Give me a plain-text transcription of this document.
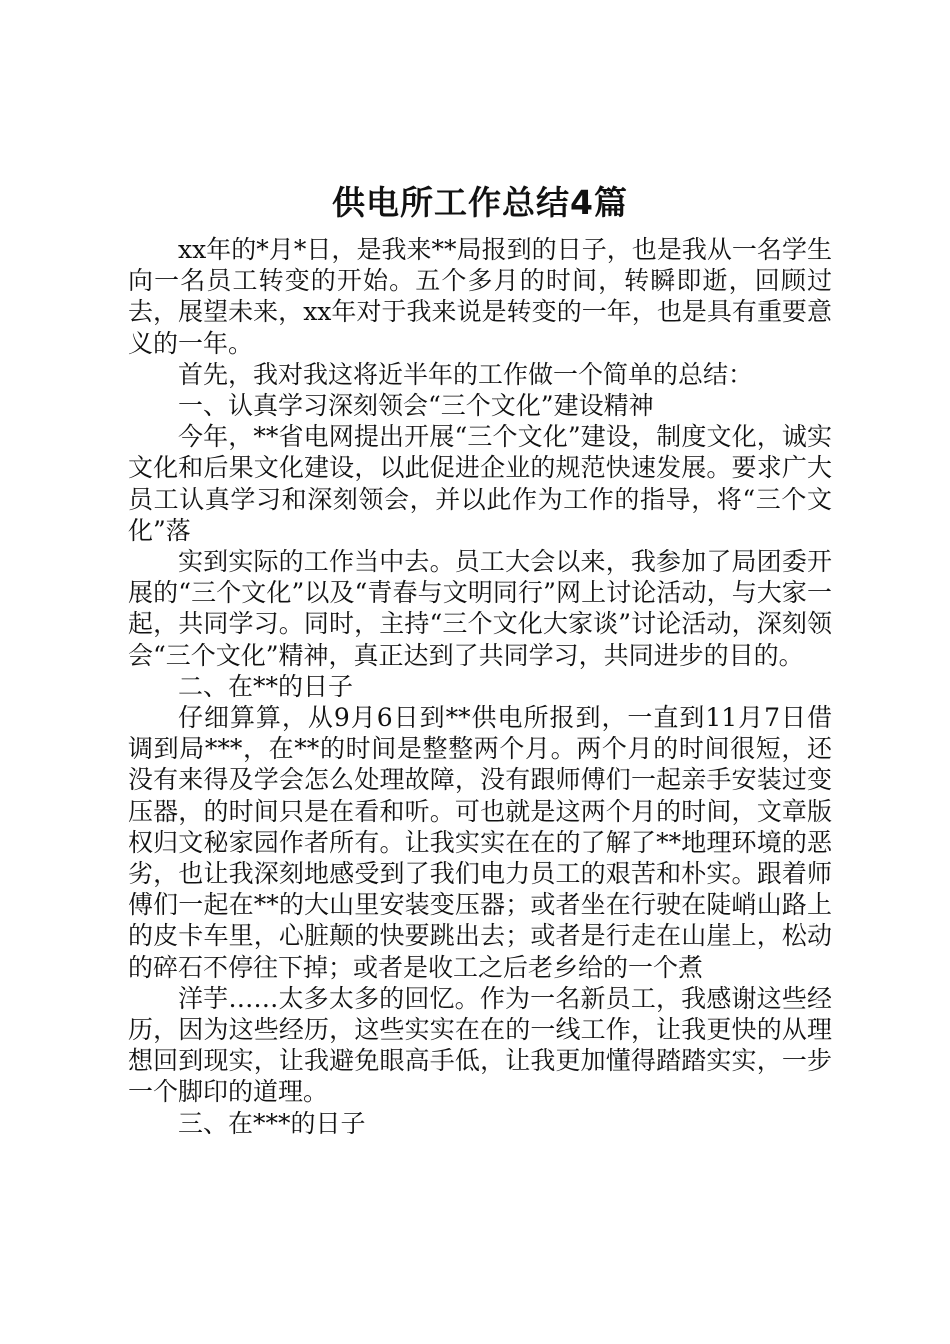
供电所工作总结4篇

xx年的*月*日，是我来**局报到的日子，也是我从一名学生向一名员工转变的开始。五个多月的时间，转瞬即逝，回顾过去，展望未来，xx年对于我来说是转变的一年，也是具有重要意义的一年。

首先，我对我这将近半年的工作做一个简单的总结：

一、认真学习深刻领会“三个文化”建设精神

今年，**省电网提出开展“三个文化”建设，制度文化，诚实文化和后果文化建设，以此促进企业的规范快速发展。要求广大员工认真学习和深刻领会，并以此作为工作的指导，将“三个文化”落

实到实际的工作当中去。员工大会以来，我参加了局团委开展的“三个文化”以及“青春与文明同行”网上讨论活动，与大家一起，共同学习。同时，主持“三个文化大家谈”讨论活动，深刻领会“三个文化”精神，真正达到了共同学习，共同进步的目的。

二、在**的日子

仔细算算，从9月6日到**供电所报到，一直到11月7日借调到局***，在**的时间是整整两个月。两个月的时间很短，还没有来得及学会怎么处理故障，没有跟师傅们一起亲手安装过变压器，的时间只是在看和听。可也就是这两个月的时间，文章版权归文秘家园作者所有。让我实实在在的了解了**地理环境的恶劣，也让我深刻地感受到了我们电力员工的艰苦和朴实。跟着师傅们一起在**的大山里安装变压器；或者坐在行驶在陡峭山路上的皮卡车里，心脏颠的快要跳出去；或者是行走在山崖上，松动的碎石不停往下掉；或者是收工之后老乡给的一个煮

洋芋……太多太多的回忆。作为一名新员工，我感谢这些经历，因为这些经历，这些实实在在的一线工作，让我更快的从理想回到现实，让我避免眼高手低，让我更加懂得踏踏实实，一步一个脚印的道理。

三、在***的日子
